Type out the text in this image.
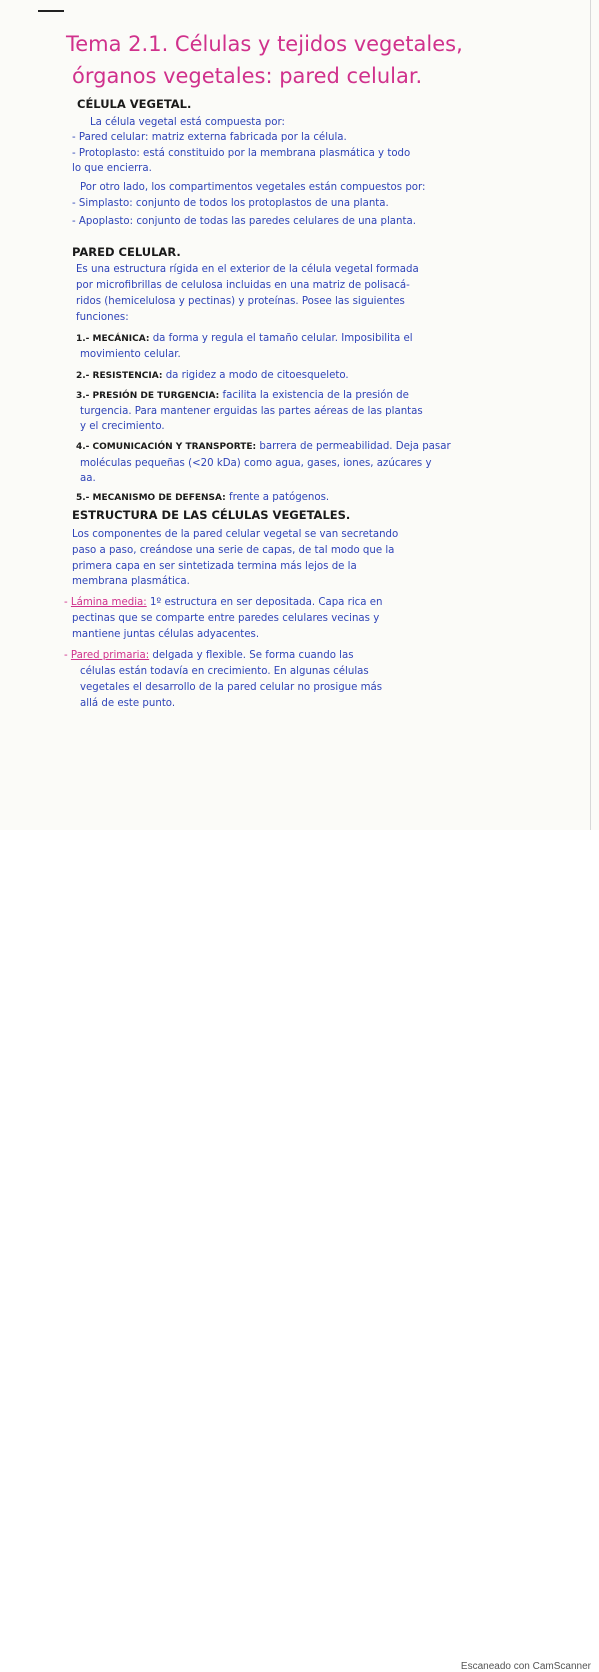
Tema 2.1. Células y tejidos vegetales,
órganos vegetales: pared celular.
CÉLULA VEGETAL.
La célula vegetal está compuesta por:
- Pared celular: matriz externa fabricada por la célula.
- Protoplasto: está constituido por la membrana plasmática y todo
lo que encierra.
Por otro lado, los compartimentos vegetales están compuestos por:
- Simplasto: conjunto de todos los protoplastos de una planta.
- Apoplasto: conjunto de todas las paredes celulares de una planta.
PARED CELULAR.
Es una estructura rígida en el exterior de la célula vegetal formada
por microfibrillas de celulosa incluidas en una matriz de polisacá-
ridos (hemicelulosa y pectinas) y proteínas. Posee las siguientes
funciones:
1.- MECÁNICA: da forma y regula el tamaño celular. Imposibilita el
movimiento celular.
2.- RESISTENCIA: da rigidez a modo de citoesqueleto.
3.- PRESIÓN DE TURGENCIA: facilita la existencia de la presión de
turgencia. Para mantener erguidas las partes aéreas de las plantas
y el crecimiento.
4.- COMUNICACIÓN Y TRANSPORTE: barrera de permeabilidad. Deja pasar
moléculas pequeñas (<20 kDa) como agua, gases, iones, azúcares y
aa.
5.- MECANISMO DE DEFENSA: frente a patógenos.
ESTRUCTURA DE LAS CÉLULAS VEGETALES.
Los componentes de la pared celular vegetal se van secretando
paso a paso, creándose una serie de capas, de tal modo que la
primera capa en ser sintetizada termina más lejos de la
membrana plasmática.
- Lámina media: 1º estructura en ser depositada. Capa rica en
pectinas que se comparte entre paredes celulares vecinas y
mantiene juntas células adyacentes.
- Pared primaria: delgada y flexible. Se forma cuando las
células están todavía en crecimiento. En algunas células
vegetales el desarrollo de la pared celular no prosigue más
allá de este punto.
Escaneado con CamScanner
